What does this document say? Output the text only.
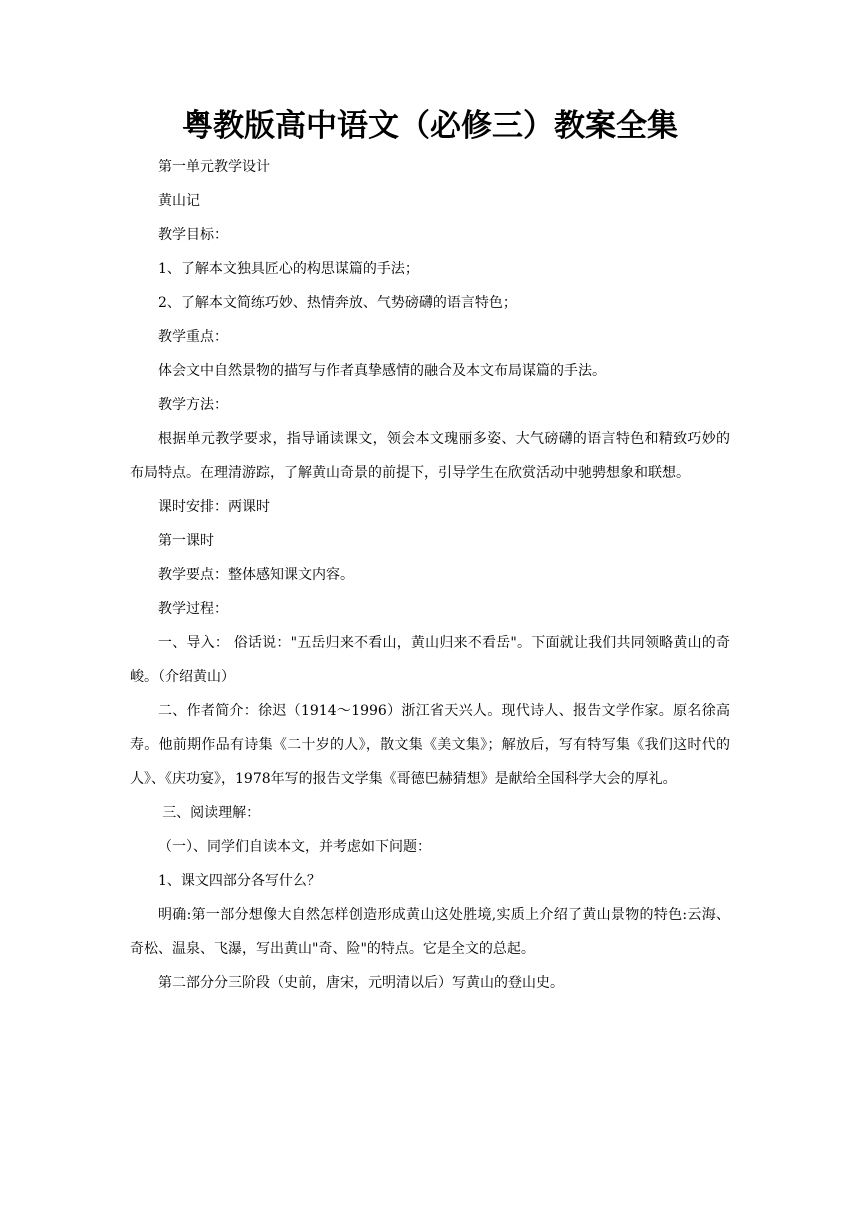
粤教版高中语文（必修三）教案全集

第一单元教学设计

黄山记

教学目标：

1、了解本文独具匠心的构思谋篇的手法；

2、了解本文简练巧妙、热情奔放、气势磅礴的语言特色；

教学重点：

体会文中自然景物的描写与作者真挚感情的融合及本文布局谋篇的手法。

教学方法：

根据单元教学要求，指导诵读课文，领会本文瑰丽多姿、大气磅礴的语言特色和精致巧妙的布局特点。在理清游踪，了解黄山奇景的前提下，引导学生在欣赏活动中驰骋想象和联想。

课时安排：两课时

第一课时

教学要点：整体感知课文内容。

教学过程：

一、导入： 俗话说："五岳归来不看山，黄山归来不看岳"。下面就让我们共同领略黄山的奇峻。（介绍黄山）

二、作者简介：徐迟（1914～1996）浙江省天兴人。现代诗人、报告文学作家。原名徐高寿。他前期作品有诗集《二十岁的人》，散文集《美文集》；解放后，写有特写集《我们这时代的人》、《庆功宴》，1978年写的报告文学集《哥德巴赫猜想》是献给全国科学大会的厚礼。

三、阅读理解：

（一）、同学们自读本文，并考虑如下问题：

1、课文四部分各写什么？

明确:第一部分想像大自然怎样创造形成黄山这处胜境,实质上介绍了黄山景物的特色:云海、奇松、温泉、飞瀑，写出黄山"奇、险"的特点。它是全文的总起。

第二部分分三阶段（史前，唐宋，元明清以后）写黄山的登山史。
